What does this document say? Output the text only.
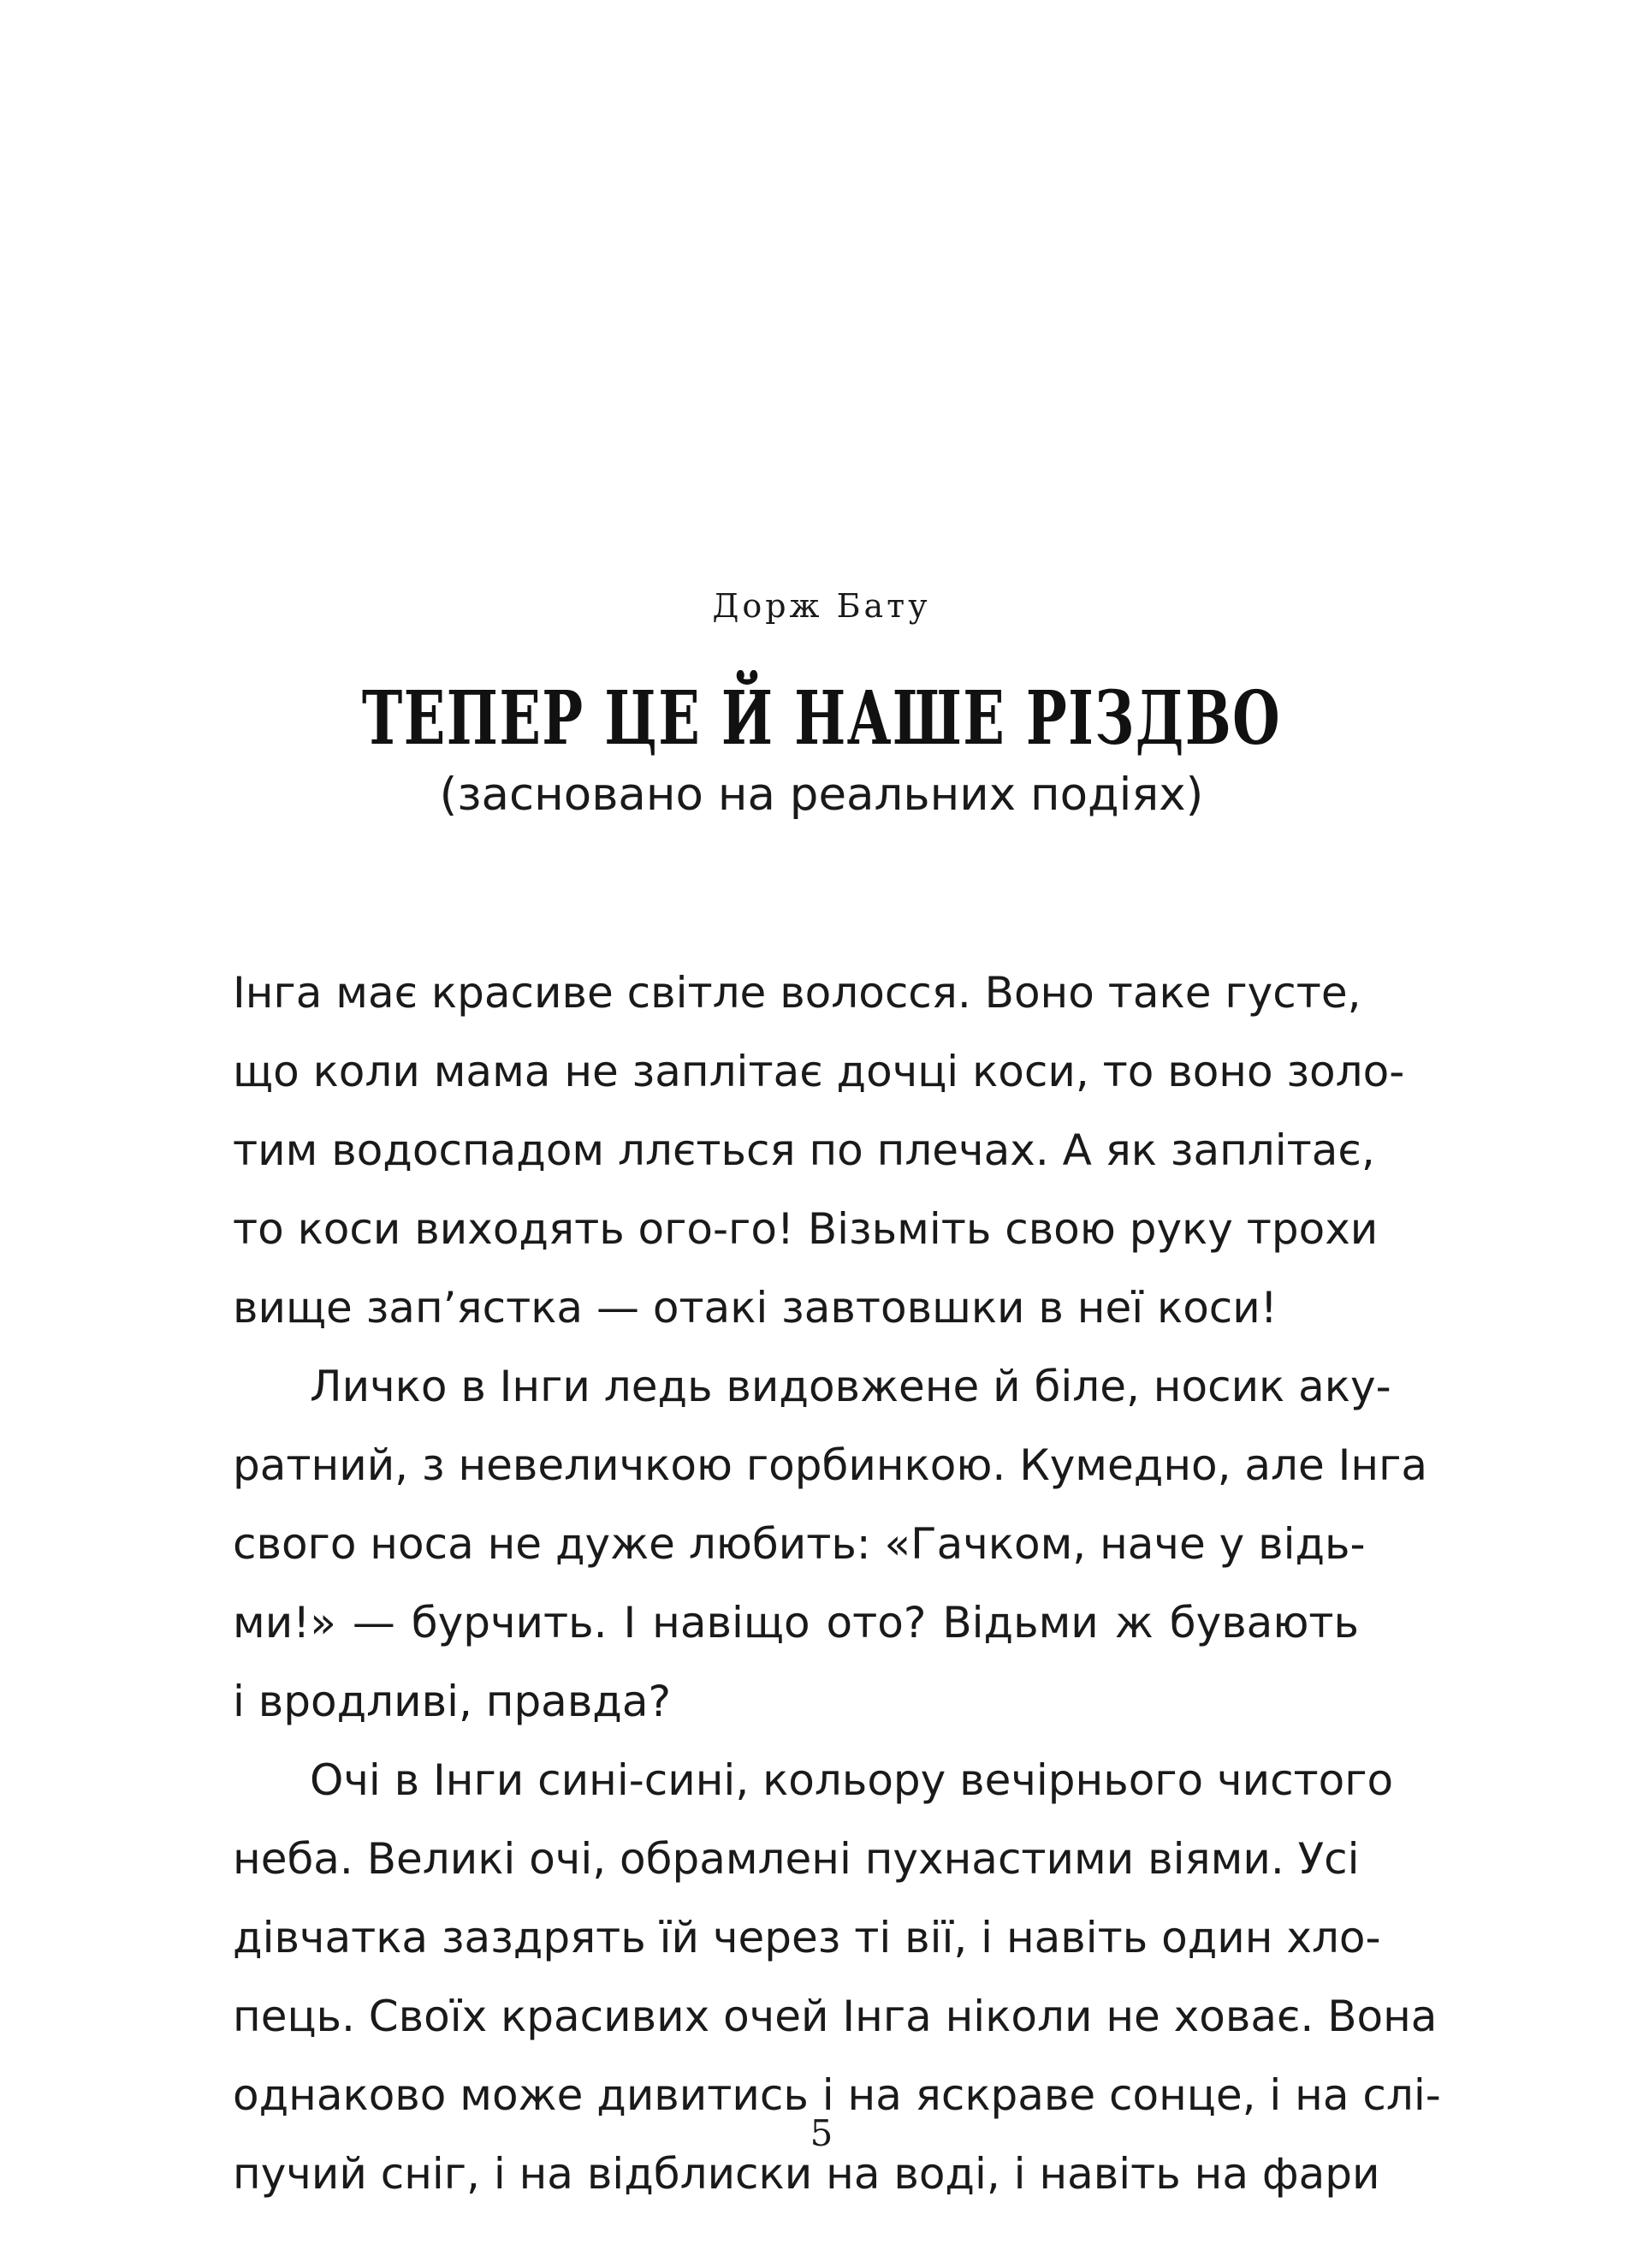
Дорж Бату
ТЕПЕР ЦЕ Й НАШЕ РІЗДВО
(засновано на реальних подіях)
Інга має красиве світле волосся. Воно таке густе,
що коли мама не заплітає дочці коси, то воно золо-
тим водоспадом ллється по плечах. А як заплітає,
то коси виходять ого-го! Візьміть свою руку трохи
вище зап’ястка — отакі завтовшки в неї коси!
Личко в Інги ледь видовжене й біле, носик аку-
ратний, з невеличкою горбинкою. Кумедно, але Інга
свого носа не дуже любить: «Гачком, наче у відь-
ми!» — бурчить. І навіщо ото? Відьми ж бувають
і вродливі, правда?
Очі в Інги сині-сині, кольору вечірнього чистого
неба. Великі очі, обрамлені пухнастими віями. Усі
дівчатка заздрять їй через ті вії, і навіть один хло-
пець. Своїх красивих очей Інга ніколи не ховає. Вона
однаково може дивитись і на яскраве сонце, і на слі-
пучий сніг, і на відблиски на воді, і навіть на фари
5
